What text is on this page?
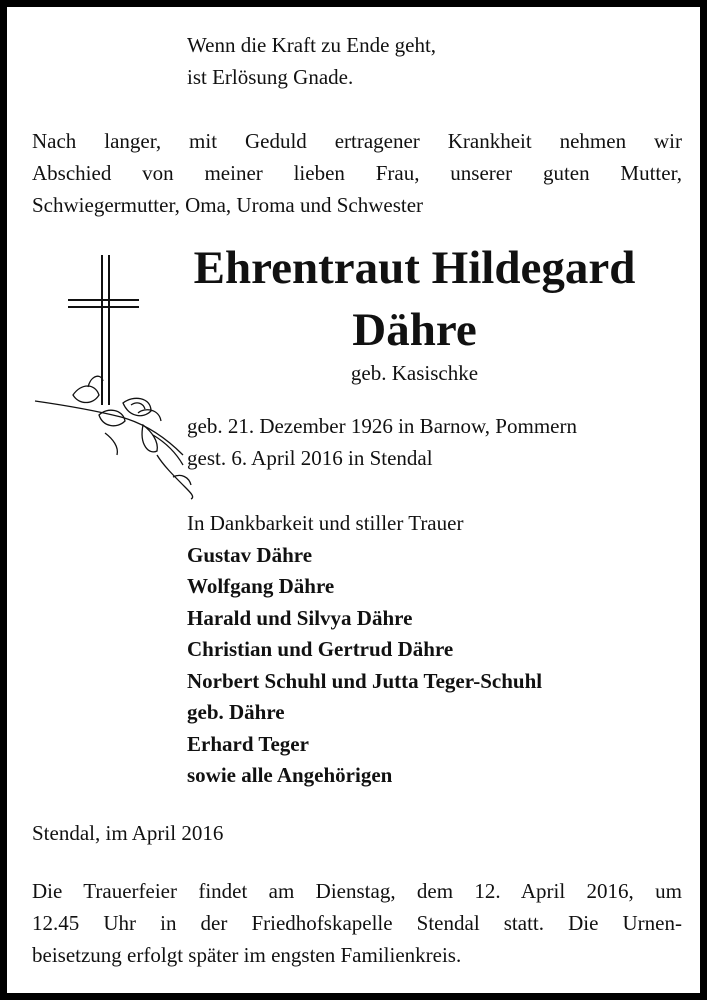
Wenn die Kraft zu Ende geht,
ist Erlösung Gnade.
Nach langer, mit Geduld ertragener Krankheit nehmen wir
Abschied von meiner lieben Frau, unserer guten Mutter,
Schwiegermutter, Oma, Uroma und Schwester
Ehrentraut Hildegard
Dähre
geb. Kasischke
geb. 21. Dezember 1926 in Barnow, Pommern
gest. 6. April 2016 in Stendal
In Dankbarkeit und stiller Trauer
Gustav Dähre
Wolfgang Dähre
Harald und Silvya Dähre
Christian und Gertrud Dähre
Norbert Schuhl und Jutta Teger-Schuhl
geb. Dähre
Erhard Teger
sowie alle Angehörigen
Stendal, im April 2016
Die Trauerfeier findet am Dienstag, dem 12. April 2016, um
12.45 Uhr in der Friedhofskapelle Stendal statt. Die Urnen-
beisetzung erfolgt später im engsten Familienkreis.
